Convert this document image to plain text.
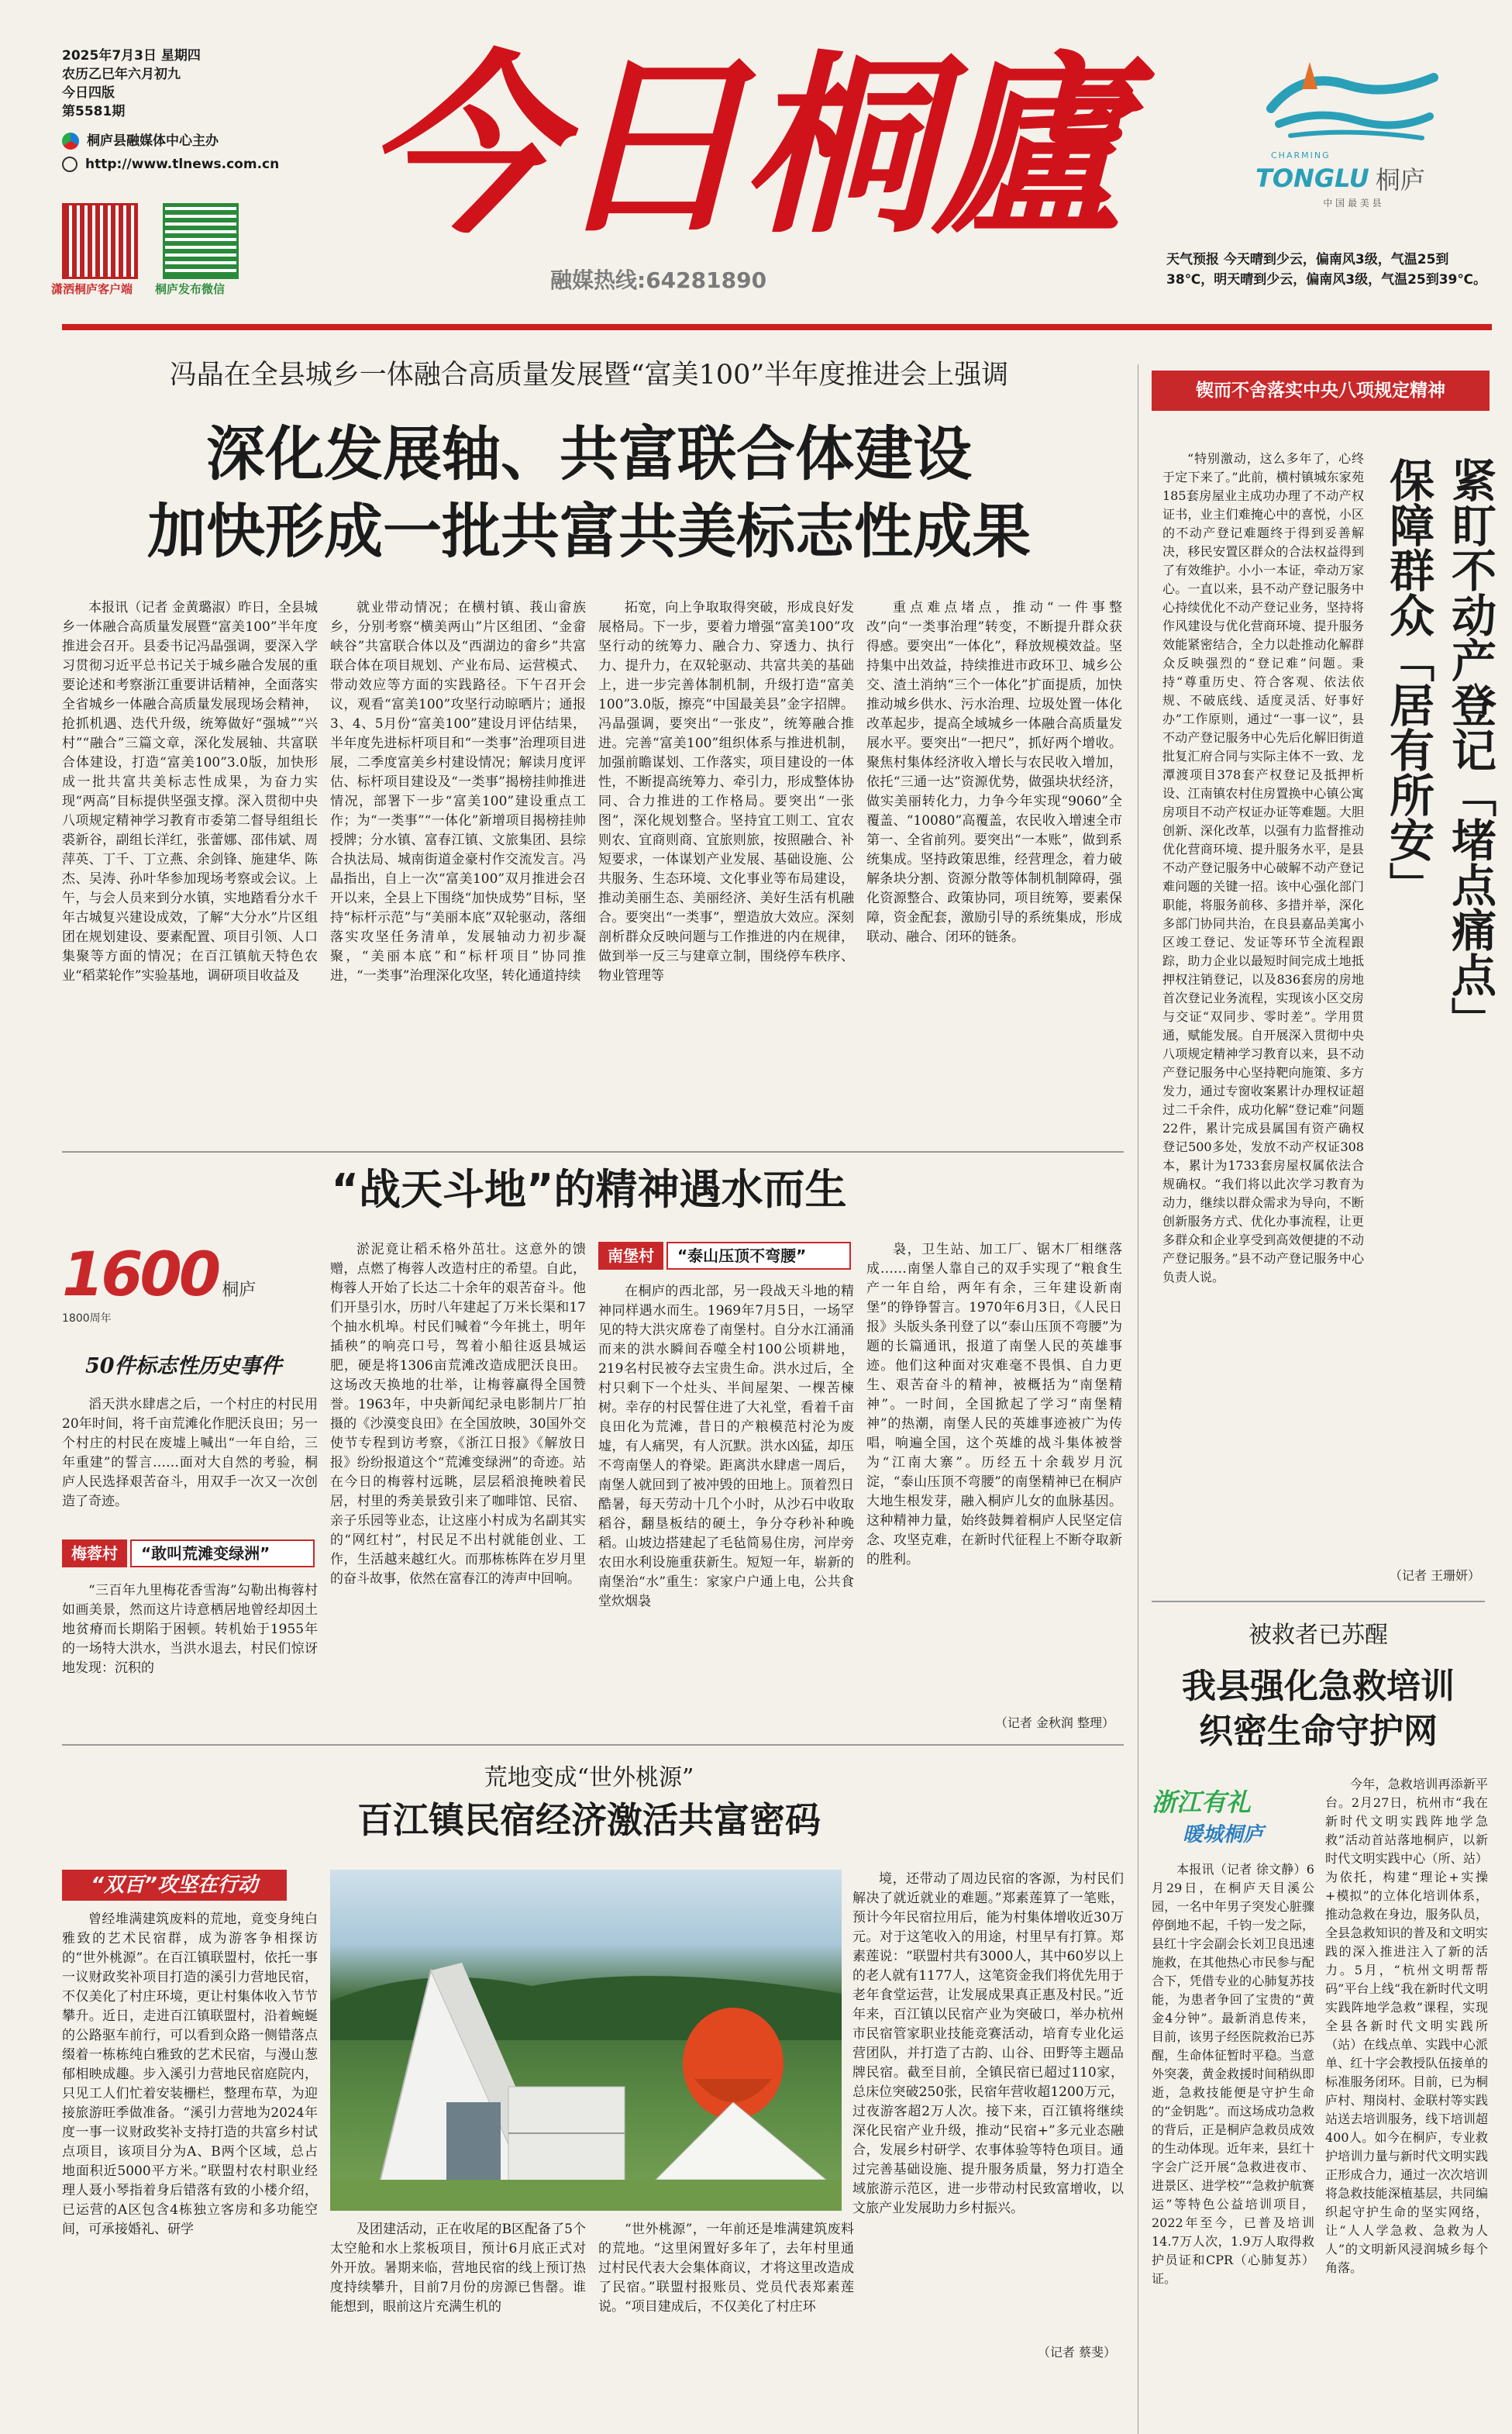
2025年7月3日 星期四
农历乙巳年六月初九
今日四版
第5581期
桐庐县融媒体中心主办
http://www.tlnews.com.cn
潇洒桐庐客户端 桐庐发布微信
今日桐廬
融媒热线:64281890
CHARMING
TONGLU 桐庐
中 国 最 美 县
天气预报 今天晴到少云，偏南风3级，气温25到38℃，明天晴到少云，偏南风3级，气温25到39℃。
冯晶在全县城乡一体融合高质量发展暨“富美100”半年度推进会上强调
深化发展轴、共富联合体建设
加快形成一批共富共美标志性成果

本报讯（记者 金黄璐淑）昨日，全县城乡一体融合高质量发展暨“富美100”半年度推进会召开。县委书记冯晶强调，要深入学习贯彻习近平总书记关于城乡融合发展的重要论述和考察浙江重要讲话精神，全面落实全省城乡一体融合高质量发展现场会精神，抢抓机遇、迭代升级，统筹做好“强城”“兴村”“融合”三篇文章，深化发展轴、共富联合体建设，打造“富美100”3.0版，加快形成一批共富共美标志性成果，为奋力实现“两高”目标提供坚强支撑。深入贯彻中央八项规定精神学习教育市委第二督导组组长裘新谷，副组长洋红，张蕾娜、邵伟斌、周萍英、丁千、丁立燕、余剑锋、施建华、陈杰、吴涛、孙叶华参加现场考察或会议。上午，与会人员来到分水镇，实地踏看分水千年古城复兴建设成效，了解“大分水”片区组团在规划建设、要素配置、项目引领、人口集聚等方面的情况；在百江镇航天特色农业“稻菜轮作”实验基地，调研项目收益及

就业带动情况；在横村镇、莪山畲族乡，分别考察“横美两山”片区组团、“金畲峡谷”共富联合体以及“西湖边的畲乡”共富联合体在项目规划、产业布局、运营模式、带动效应等方面的实践路径。下午召开会议，观看“富美100”攻坚行动晾晒片；通报3、4、5月份“富美100”建设月评估结果，半年度先进标杆项目和“一类事”治理项目进展，二季度富美乡村建设情况；解读月度评估、标杆项目建设及“一类事”揭榜挂帅推进情况，部署下一步“富美100”建设重点工作；为“一类事”“一体化”新增项目揭榜挂帅授牌；分水镇、富春江镇、文旅集团、县综合执法局、城南街道金豪村作交流发言。冯晶指出，自上一次“富美100”双月推进会召开以来，全县上下围绕“加快成势”目标，坚持“标杆示范”与“美丽本底”双轮驱动，落细落实攻坚任务清单，发展轴动力初步凝聚，“美丽本底”和“标杆项目”协同推进，“一类事”治理深化攻坚，转化通道持续

拓宽，向上争取取得突破，形成良好发展格局。下一步，要着力增强“富美100”攻坚行动的统筹力、融合力、穿透力、执行力、提升力，在双轮驱动、共富共美的基础上，进一步完善体制机制，升级打造“富美100”3.0版，擦亮“中国最美县”金字招牌。冯晶强调，要突出“一张皮”，统筹融合推进。完善“富美100”组织体系与推进机制，加强前瞻谋划、工作落实，项目建设的一体性，不断提高统筹力、牵引力，形成整体协同、合力推进的工作格局。要突出“一张图”，深化规划整合。坚持宜工则工、宜农则农、宜商则商、宜旅则旅，按照融合、补短要求，一体谋划产业发展、基础设施、公共服务、生态环境、文化事业等布局建设，推动美丽生态、美丽经济、美好生活有机融合。要突出“一类事”，塑造放大效应。深刻剖析群众反映问题与工作推进的内在规律，做到举一反三与建章立制，围绕停车秩序、物业管理等

重点难点堵点，推动“一件事整改”向“一类事治理”转变，不断提升群众获得感。要突出“一体化”，释放规模效益。坚持集中出效益，持续推进市政环卫、城乡公交、渣土消纳“三个一体化”扩面提质，加快推动城乡供水、污水治理、垃圾处置一体化改革起步，提高全域城乡一体融合高质量发展水平。要突出“一把尺”，抓好两个增收。聚焦村集体经济收入增长与农民收入增加，依托“三通一达”资源优势，做强块状经济，做实美丽转化力，力争今年实现“9060”全覆盖、“10080”高覆盖，农民收入增速全市第一、全省前列。要突出“一本账”，做到系统集成。坚持政策思维，经营理念，着力破解条块分割、资源分散等体制机制障碍，强化资源整合、政策协同，项目统筹，要素保障，资金配套，激励引导的系统集成，形成联动、融合、闭环的链条。

锲而不舍落实中央八项规定精神
紧盯不动产登记「堵点痛点」
保障群众「居有所安」

“特别激动，这么多年了，心终于定下来了。”此前，横村镇城东家苑185套房屋业主成功办理了不动产权证书，业主们难掩心中的喜悦，小区的不动产登记难题终于得到妥善解决，移民安置区群众的合法权益得到了有效维护。小小一本证，牵动万家心。一直以来，县不动产登记服务中心持续优化不动产登记业务，坚持将作风建设与优化营商环境、提升服务效能紧密结合，全力以赴推动化解群众反映强烈的“登记难”问题。秉持“尊重历史、符合客观、依法依规、不破底线、适度灵活、好事好办”工作原则，通过“一事一议”，县不动产登记服务中心先后化解旧街道批复汇府合同与实际主体不一致、龙潭渡项目378套产权登记及抵押析设、江南镇农村住房置换中心镇公寓房项目不动产权证办证等难题。大胆创新、深化改革，以强有力监督推动优化营商环境、提升服务水平，是县不动产登记服务中心破解不动产登记难问题的关键一招。该中心强化部门职能，将服务前移、多措并举，深化多部门协同共治，在良县嘉品美寓小区竣工登记、发证等环节全流程跟踪，助力企业以最短时间完成土地抵押权注销登记，以及836套房的房地首次登记业务流程，实现该小区交房与交证“双同步、零时差”。学用贯通，赋能发展。自开展深入贯彻中央八项规定精神学习教育以来，县不动产登记服务中心坚持靶向施策、多方发力，通过专窗收案累计办理权证超过二千余件，成功化解“登记难”问题22件，累计完成县属国有资产确权登记500多处，发放不动产权证308本，累计为1733套房屋权属依法合规确权。“我们将以此次学习教育为动力，继续以群众需求为导向，不断创新服务方式、优化办事流程，让更多群众和企业享受到高效便捷的不动产登记服务。”县不动产登记服务中心负责人说。

（记者 王珊妍）
“战天斗地”的精神遇水而生
1600 桐庐 1800周年
50件标志性历史事件

滔天洪水肆虐之后，一个村庄的村民用20年时间，将千亩荒滩化作肥沃良田；另一个村庄的村民在废墟上喊出“一年自给，三年重建”的誓言……面对大自然的考验，桐庐人民选择艰苦奋斗，用双手一次又一次创造了奇迹。

梅蓉村	“敢叫荒滩变绿洲”

“三百年九里梅花香雪海”勾勒出梅蓉村如画美景，然而这片诗意栖居地曾经却因土地贫瘠而长期陷于困顿。转机始于1955年的一场特大洪水，当洪水退去，村民们惊讶地发现：沉积的

淤泥竟让稻禾格外茁壮。这意外的馈赠，点燃了梅蓉人改造村庄的希望。自此，梅蓉人开始了长达二十余年的艰苦奋斗。他们开垦引水，历时八年建起了万米长渠和17个抽水机埠。村民们喊着“今年挑土，明年插秧”的响亮口号，驾着小船往返县城运肥，硬是将1306亩荒滩改造成肥沃良田。这场改天换地的壮举，让梅蓉赢得全国赞誉。1963年，中央新闻纪录电影制片厂拍摄的《沙漠变良田》在全国放映，30国外交使节专程到访考察，《浙江日报》《解放日报》纷纷报道这个“荒滩变绿洲”的奇迹。站在今日的梅蓉村远眺，层层稻浪掩映着民居，村里的秀美景致引来了咖啡馆、民宿、亲子乐园等业态，让这座小村成为名副其实的“网红村”，村民足不出村就能创业、工作，生活越来越红火。而那栋栋阵在岁月里的奋斗故事，依然在富春江的涛声中回响。

南堡村	“泰山压顶不弯腰”

在桐庐的西北部，另一段战天斗地的精神同样遇水而生。1969年7月5日，一场罕见的特大洪灾席卷了南堡村。自分水江涌涌而来的洪水瞬间吞噬全村100公顷耕地，219名村民被夺去宝贵生命。洪水过后，全村只剩下一个灶头、半间屋架、一棵苦楝树。幸存的村民誓住进了大礼堂，看着千亩良田化为荒滩，昔日的产粮模范村沦为废墟，有人痛哭，有人沉默。洪水凶猛，却压不弯南堡人的脊梁。距离洪水肆虐一周后，南堡人就回到了被冲毁的田地上。顶着烈日酷暑，每天劳动十几个小时，从沙石中收取稻谷，翻垦板结的硬土，争分夺秒补种晚稻。山坡边搭建起了毛毡简易住房，河岸旁农田水利设施重获新生。短短一年，崭新的南堡治“水”重生：家家户户通上电，公共食堂炊烟袅

袅，卫生站、加工厂、锯木厂相继落成……南堡人靠自己的双手实现了“粮食生产一年自给，两年有余，三年建设新南堡”的铮铮誓言。1970年6月3日，《人民日报》头版头条刊登了以“泰山压顶不弯腰”为题的长篇通讯，报道了南堡人民的英雄事迹。他们这种面对灾难毫不畏惧、自力更生、艰苦奋斗的精神，被概括为“南堡精神”。一时间，全国掀起了学习“南堡精神”的热潮，南堡人民的英雄事迹被广为传唱，响遍全国，这个英雄的战斗集体被誉为“江南大寨”。历经五十余载岁月沉淀，“泰山压顶不弯腰”的南堡精神已在桐庐大地生根发芽，融入桐庐儿女的血脉基因。这种精神力量，始终鼓舞着桐庐人民坚定信念、攻坚克难，在新时代征程上不断夺取新的胜利。

（记者 金秋润 整理）
荒地变成“世外桃源”
百江镇民宿经济激活共富密码
“双百”攻坚在行动

曾经堆满建筑废料的荒地，竟变身纯白雅致的艺术民宿群，成为游客争相探访的“世外桃源”。在百江镇联盟村，依托一事一议财政奖补项目打造的溪引力营地民宿，不仅美化了村庄环境，更让村集体收入节节攀升。近日，走进百江镇联盟村，沿着蜿蜒的公路驱车前行，可以看到众路一侧错落点缀着一栋栋纯白雅致的艺术民宿，与漫山葱郁相映成趣。步入溪引力营地民宿庭院内，只见工人们忙着安装栅栏，整理布草，为迎接旅游旺季做准备。“溪引力营地为2024年度一事一议财政奖补支持打造的共富乡村试点项目，该项目分为A、B两个区域，总占地面积近5000平方米。”联盟村农村职业经理人聂小琴指着身后错落有致的小楼介绍，已运营的A区包含4栋独立客房和多功能空间，可承接婚礼、研学	及团建活动，正在收尾的B区配备了5个太空舱和水上浆板项目，预计6月底正式对外开放。暑期来临，营地民宿的线上预订热度持续攀升，目前7月份的房源已售罄。谁能想到，眼前这片充满生机的

“世外桃源”，一年前还是堆满建筑废料的荒地。“这里闲置好多年了，去年村里通过村民代表大会集体商议，才将这里改造成了民宿。”联盟村报账员、党员代表郑素莲说。“项目建成后，不仅美化了村庄环

境，还带动了周边民宿的客源，为村民们解决了就近就业的难题。”郑素莲算了一笔账，预计今年民宿拉用后，能为村集体增收近30万元。对于这笔收入的用途，村里早有打算。郑素莲说：“联盟村共有3000人，其中60岁以上的老人就有1177人，这笔资金我们将优先用于老年食堂运营，让发展成果真正惠及村民。”近年来，百江镇以民宿产业为突破口，举办杭州市民宿管家职业技能竞赛活动，培育专业化运营团队，并打造了古韵、山谷、田野等主题品牌民宿。截至目前，全镇民宿已超过110家，总床位突破250张，民宿年营收超1200万元，过夜游客超2万人次。接下来，百江镇将继续深化民宿产业升级，推动“民宿+”多元业态融合，发展乡村研学、农事体验等特色项目。通过完善基础设施、提升服务质量，努力打造全域旅游示范区，进一步带动村民致富增收，以文旅产业发展助力乡村振兴。

（记者 蔡斐）
被救者已苏醒
我县强化急救培训
织密生命守护网
浙江有礼
暖城桐庐

本报讯（记者 徐文静）6月29日，在桐庐天目溪公园，一名中年男子突发心脏骤停倒地不起，千钧一发之际，县红十字会副会长刘卫良迅速施救，在其他热心市民参与配合下，凭借专业的心肺复苏技能，为患者争回了宝贵的“黄金4分钟”。最新消息传来，目前，该男子经医院救治已苏醒，生命体征暂时平稳。当意外突袭，黄金救援时间稍纵即逝，急救技能便是守护生命的“金钥匙”。而这场成功急救的背后，正是桐庐急救员成效的生动体现。近年来，县红十字会广泛开展“急救进夜市、进景区、进学校”“急救护航赛运”等特色公益培训项目，2022年至今，已普及培训14.7万人次，1.9万人取得救护员证和CPR（心肺复苏）证。

今年，急救培训再添新平台。2月27日，杭州市“我在新时代文明实践阵地学急救”活动首站落地桐庐，以新时代文明实践中心（所、站）为依托，构建“理论+实操+模拟”的立体化培训体系，推动急救在身边，服务队员，全县急救知识的普及和文明实践的深入推进注入了新的活力。5月，“杭州文明帮帮码”平台上线“我在新时代文明实践阵地学急救”课程，实现全县各新时代文明实践所（站）在线点单、实践中心派单、红十字会教授队伍接单的标准服务闭环。目前，已为桐庐村、翔岗村、金联村等实践站送去培训服务，线下培训超400人。如今在桐庐，专业救护培训力量与新时代文明实践正形成合力，通过一次次培训将急救技能深植基层，共同编织起守护生命的坚实网络，让“人人学急救、急救为人人”的文明新风浸润城乡每个角落。
